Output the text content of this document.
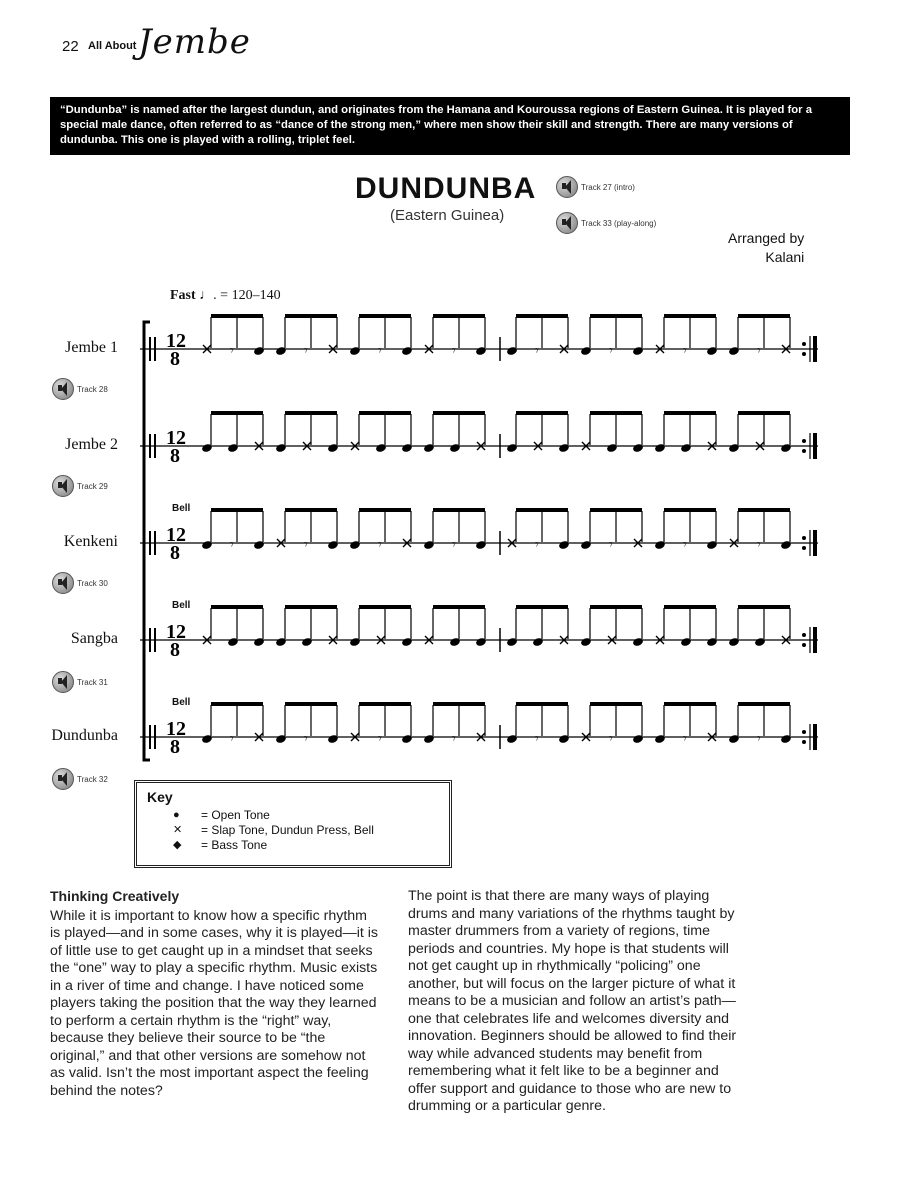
22 All About Jembe
“Dundunba” is named after the largest dundun, and originates from the Hamana and Kouroussa regions of Eastern Guinea. It is played for a special male dance, often referred to as “dance of the strong men,” where men show their skill and strength. There are many versions of dundunba. This one is played with a rolling, triplet feel.
DUNDUNBA
(Eastern Guinea)
Track 27 (intro)
Track 33 (play-along)
Arranged by
Kalani
Fast ♩. = 120–140
Jembe 1
Jembe 2
Kenkeni
Sangba
Dundunba
Bell
Bell
Bell
Track 28
Track 29
Track 30
Track 31
Track 32
12
8	𝄾	𝄾	𝄾	𝄾	𝄾	𝄾	𝄾	𝄾
12
8
12
8	𝄾	𝄾	𝄾	𝄾	𝄾	𝄾	𝄾	𝄾
12
8
12
8	𝄾	𝄾	𝄾	𝄾	𝄾	𝄾	𝄾	𝄾
Key
●	= Open Tone
✕	= Slap Tone, Dundun Press, Bell
◆	= Bass Tone
Thinking Creatively

While it is important to know how a specific rhythm is played—and in some cases, why it is played—it is of little use to get caught up in a mindset that seeks the “one” way to play a specific rhythm. Music exists in a river of time and change. I have noticed some players taking the position that the way they learned to perform a certain rhythm is the “right” way, because they believe their source to be “the original,” and that other versions are somehow not as valid. Isn’t the most important aspect the feeling behind the notes?

The point is that there are many ways of playing drums and many variations of the rhythms taught by master drummers from a variety of regions, time periods and countries. My hope is that students will not get caught up in rhythmically “policing” one another, but will focus on the larger picture of what it means to be a musician and follow an artist’s path—one that celebrates life and welcomes diversity and innovation. Beginners should be allowed to find their way while advanced students may benefit from remembering what it felt like to be a beginner and offer support and guidance to those who are new to drumming or a particular genre.
